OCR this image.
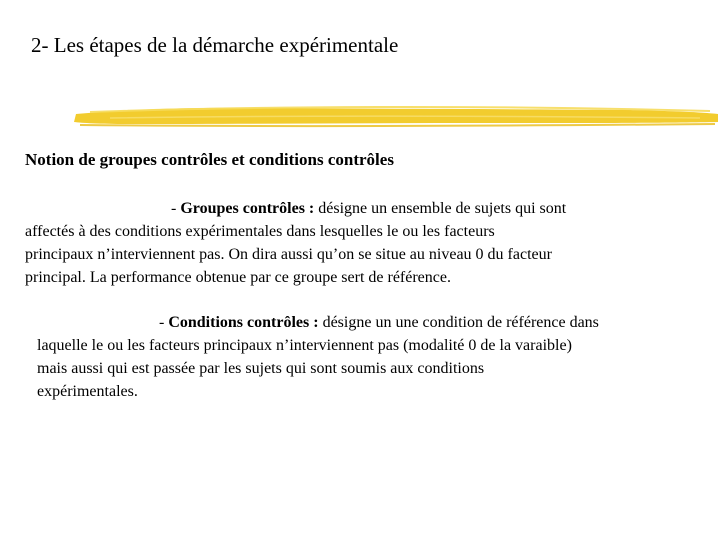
2- Les étapes de la démarche expérimentale
Notion de groupes contrôles et conditions contrôles
- Groupes contrôles : désigne un ensemble de sujets qui sont
affectés à des conditions expérimentales dans lesquelles le ou les facteurs
principaux n’interviennent pas. On dira aussi qu’on se situe au niveau 0 du facteur
principal. La performance obtenue par ce groupe sert de référence.
- Conditions contrôles : désigne un une condition de référence dans
laquelle le ou les facteurs principaux n’interviennent pas (modalité 0 de la varaible)
mais aussi qui est passée par les sujets qui sont soumis aux conditions
expérimentales.
